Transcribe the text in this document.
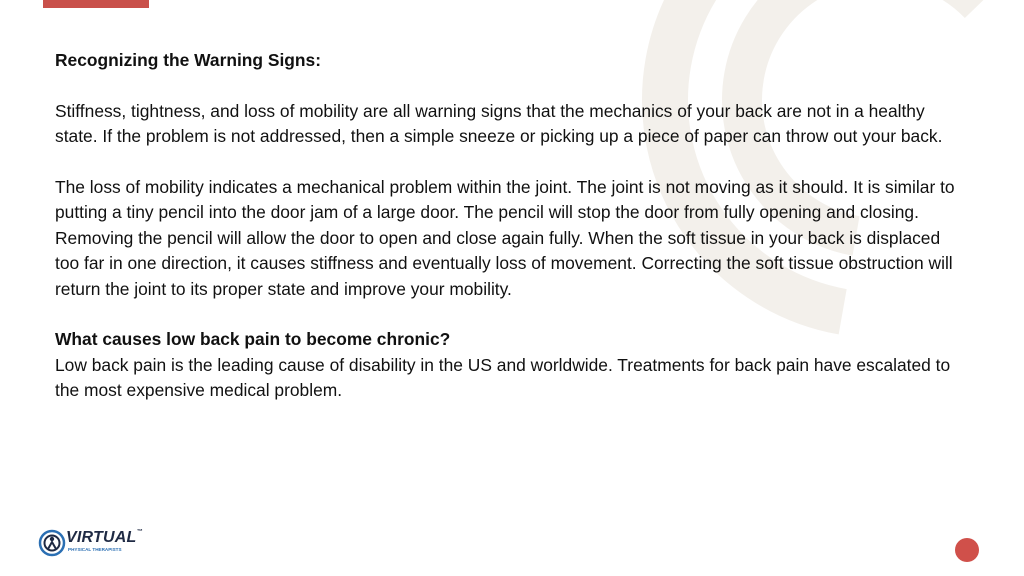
Recognizing the Warning Signs:

Stiffness, tightness, and loss of mobility are all warning signs that the mechanics of your back are not in a healthy state. If the problem is not addressed, then a simple sneeze or picking up a piece of paper can throw out your back.

The loss of mobility indicates a mechanical problem within the joint. The joint is not moving as it should. It is similar to putting a tiny pencil into the door jam of a large door. The pencil will stop the door from fully opening and closing. Removing the pencil will allow the door to open and close again fully. When the soft tissue in your back is displaced too far in one direction, it causes stiffness and eventually loss of movement. Correcting the soft tissue obstruction will return the joint to its proper state and improve your mobility.

What causes low back pain to become chronic?

Low back pain is the leading cause of disability in the US and worldwide. Treatments for back pain have escalated to the most expensive medical problem.

VIRTUAL™
PHYSICAL THERAPISTS
